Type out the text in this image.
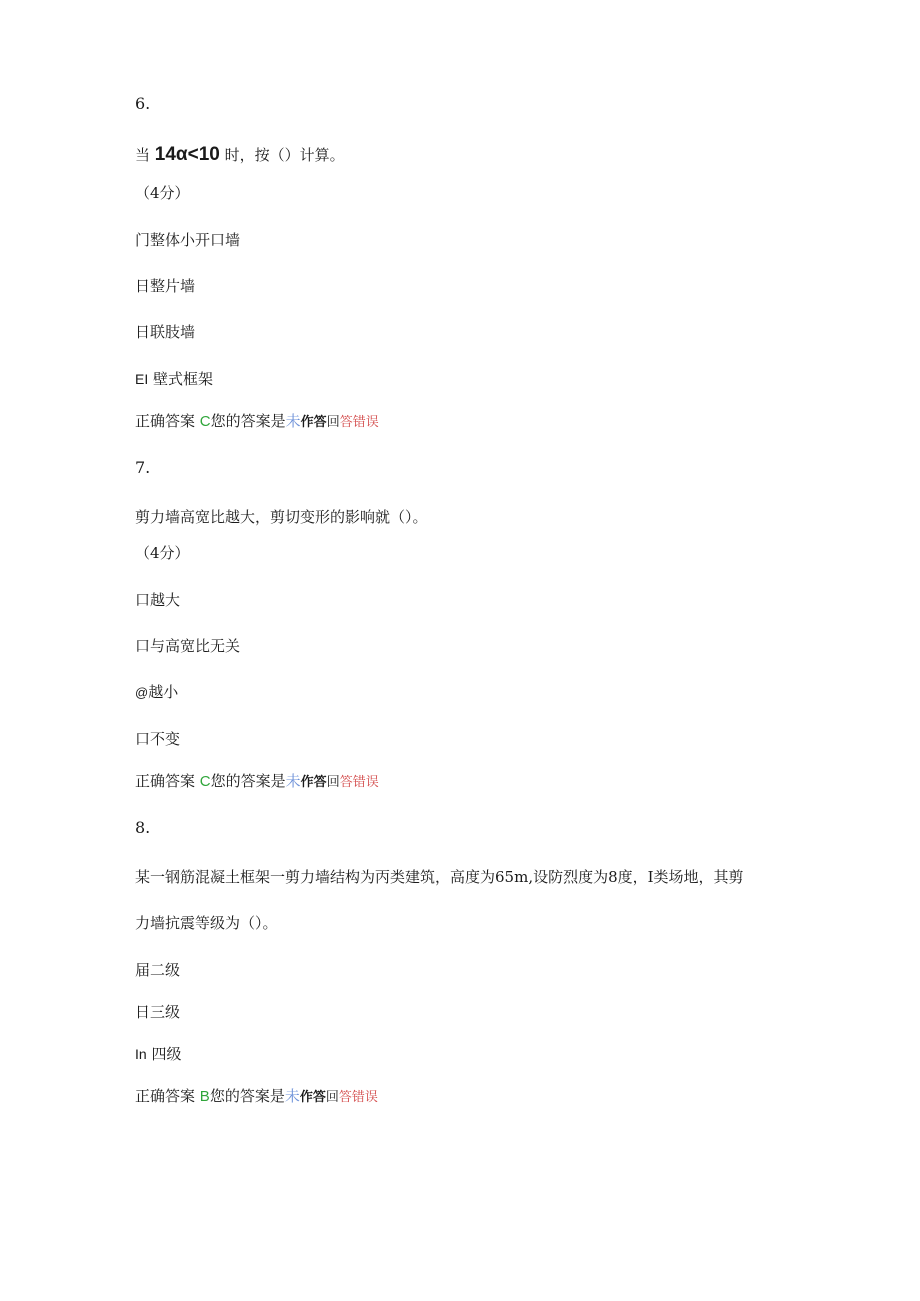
6.
当 14α<10 时，按（）计算。
（4分）
门整体小开口墙
日整片墙
日联肢墙
EI 壁式框架
正确答案 C您的答案是未作答回答错误
7.
剪力墙高宽比越大，剪切变形的影响就（）。
（4分）
口越大
口与高宽比无关
@越小
口不变
正确答案 C您的答案是未作答回答错误
8.
某一钢筋混凝土框架一剪力墙结构为丙类建筑，高度为65m,设防烈度为8度，I类场地，其剪
力墙抗震等级为（）。
届二级
日三级
In 四级
正确答案 B您的答案是未作答回答错误
